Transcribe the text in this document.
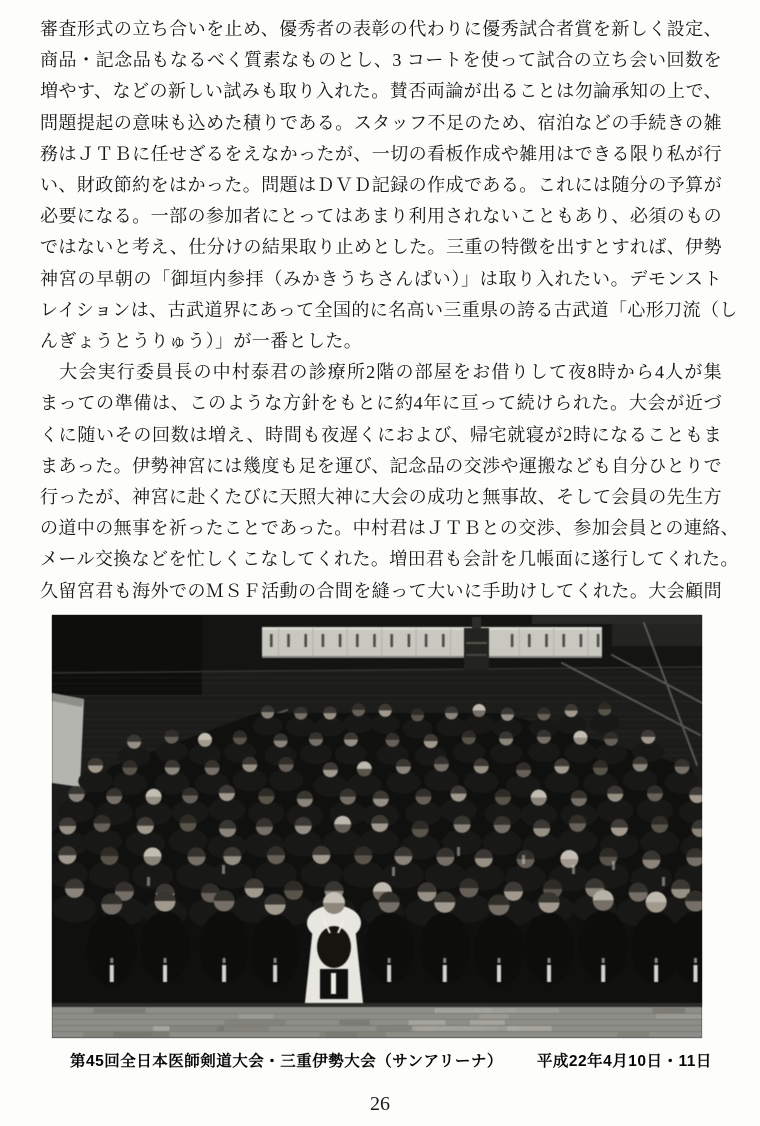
審査形式の立ち合いを止め、優秀者の表彰の代わりに優秀試合者賞を新しく設定、

商品・記念品もなるべく質素なものとし、3 コートを使って試合の立ち会い回数を

増やす、などの新しい試みも取り入れた。賛否両論が出ることは勿論承知の上で、

問題提起の意味も込めた積りである。スタッフ不足のため、宿泊などの手続きの雑

務はＪＴＢに任せざるをえなかったが、一切の看板作成や雑用はできる限り私が行

い、財政節約をはかった。問題はＤＶＤ記録の作成である。これには随分の予算が

必要になる。一部の参加者にとってはあまり利用されないこともあり、必須のもの

ではないと考え、仕分けの結果取り止めとした。三重の特徴を出すとすれば、伊勢

神宮の早朝の「御垣内参拝（みかきうちさんぱい）」は取り入れたい。デモンスト

レイションは、古武道界にあって全国的に名高い三重県の誇る古武道「心形刀流（し

んぎょうとうりゅう）」が一番とした。

　大会実行委員長の中村泰君の診療所2階の部屋をお借りして夜8時から4人が集

まっての準備は、このような方針をもとに約4年に亘って続けられた。大会が近づ

くに随いその回数は増え、時間も夜遅くにおよび、帰宅就寝が2時になることもま

まあった。伊勢神宮には幾度も足を運び、記念品の交渉や運搬なども自分ひとりで

行ったが、神宮に赴くたびに天照大神に大会の成功と無事故、そして会員の先生方

の道中の無事を祈ったことであった。中村君はＪＴＢとの交渉、参加会員との連絡、

メール交換などを忙しくこなしてくれた。増田君も会計を几帳面に遂行してくれた。

久留宮君も海外でのＭＳＦ活動の合間を縫って大いに手助けしてくれた。大会顧問

第45回全日本医師剣道大会・三重伊勢大会（サンアリーナ） 平成22年4月10日・11日
26
